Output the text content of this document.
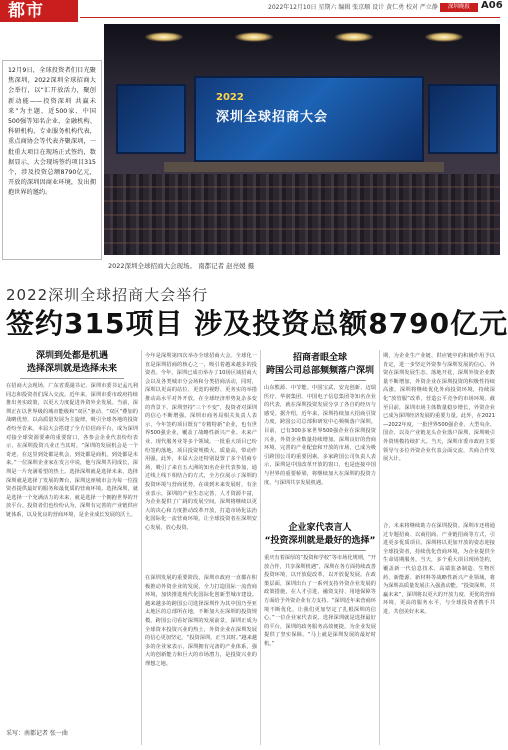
都市	2022年12月10日 星期六 编辑 张京顺 设计 黄仁勇 校对 严立静	深圳晚报	A06
2022
深圳全球招商大会
12月9日，全球投资者们目光聚焦深圳，2022深圳全球招商大会举行，以“汇开放活力，聚创新动能——投资深圳 共赢未来”为主题，近500家、中国500强等知名企业、金融机构、科研机构、专业服务机构代表，重点商协会等代表齐聚深圳，一批重大项目在现场正式签约，数据显示，大会现场签约项目315个，涉及投资总额8790亿元，开放的深圳因商业环境，发出拥抱世界的邀约。
2022深圳全球招商大会现场。 南都记者 赵亮媛 摄
2022深圳全球招商大会举行
签约315项目 涉及投资总额8790亿元
深圳到处都是机遇
选择深圳就是选择未来
在招商大会现场，广东省委副书记、深圳市委书记孟凡利同志和投资者们深入交流。近年来，深圳市委市政府持续推出务实政策，以更大力度促进外资外企发展。当前，深圳正在以世界级的城市能级和“双区”驱动、“双区”叠加的战略优势，以高质量发展为主旋律，吸引全球各地的投资者纷至沓来。本届大会搭建了全方位招商平台，成为深圳对接全球资源要素的重要窗口，各参会企业代表纷纷表示，在深圳投资兴业正当其时。“深圳的发展机会是一个奇迹，在这里到处都是机会，到处都是商机，到处都是未来。”一位深圳企业家在发言中说，他与深圳共同成长，深圳是一片充满希望的热土。选择深圳就是选择未来，选择深圳就是选择了发展的舞台，深圳这座城市会为每一位投资者提供最好的服务和最优质的营商环境。选择深圳，就是选择一个充满活力的未来，就是选择一个拥抱世界的开放平台。投资者们也纷纷认为，深圳有完善的产业链供应链体系，以及优良的营商环境，是企业成长发展的沃土。
采写：南都记者 张一曲
今年是深圳第四次举办全球招商大会。全球化一直是深圳招商的核心之一，吸引着越来越多的投资者。今年，深圳已成功举办了10场区域招商大会以及各类城市分会场和分类招商活动，同时，深圳以更高的站位、更宽的视野、更务实的举措推动高水平对外开放。在全球经济形势复杂多变的背景下，深圳坚持“三个不变”，投资者对深圳的信心不断增强。深圳市商务局相关负责人表示，今年签约项目既有“专精特新”企业，也有世界500强企业，覆盖了战略性新兴产业、未来产业、现代服务业等多个领域。一批重大项目已纷纷签约落地，项目投资规模大、质量高，带动作用强。此外，本届大会还特别设置了多个招商专场，吸引了来自五大洲的知名企业代表参加，通过线上线下相结合的方式，全方位展示了深圳的投资环境与营商优势。在谈到未来发展时，有企业表示，深圳的产业生态完善、人才资源丰富，为企业提供了广阔的发展空间。深圳将继续以更大的决心和力度推动改革开放，打造市场化法治化国际化一流营商环境，让全球投资者在深圳安心发展、放心投资。
在深圳发展的重要阶段，深圳市政府一直都在积极推动外资企业的发展，全力打造国际一流营商环境，加快推进现代化国际化创新型城市建设。越来越多的跨国公司选择深圳作为其中国乃至亚太地区的总部所在地，不断加大在深圳的投资规模。跨国公司看好深圳的发展前景，深圳正成为全球资本投资兴业的热土，外资企业在深圳发展的信心更加坚定。“投资深圳，正当其时。”越来越多的企业家表示，深圳拥有完备的产业体系，强大的创新能力和巨大的市场潜力，是投资兴业的理想之地。
招商者眼全球
跨国公司总部频频落户深圳
山东熊源、中节能、中国宝武、安克创新、迈瑞医疗、华润集团、中国电子信息集团等知名企业的代表，就在深圳投资发展分享了各自的经历与感受。据介绍，近年来，深圳持续加大招商引资力度，跨国公司总部和研发中心频频落户深圳。目前，已有300多家世界500强企业在深圳投资兴业，外资企业数量持续增加。深圳良好的营商环境、完善的产业配套和开放的市场，已成为吸引跨国公司的重要因素。多家跨国公司负责人表示，深圳是中国改革开放的窗口，也是连接中国与世界的重要桥梁，将继续加大在深圳的投资力度，与深圳共享发展机遇。
期，为企业生产业链、供应链中的积极作用予以肯定，进一步坚定外资参与深圳发展的信心。外资在深圳发展生态、落地开花，深圳外资企业数量不断增加，外资企业在深圳投资的积极性持续高涨。深圳将继续优化外商投资环境，持续深化“放管服”改革，营造公平竞争的市场环境。截至目前，深圳市场主体数量稳步增长，外资企业已成为深圳经济发展的重要力量。此外，在2021—2022年度，一批世界500强企业、大型央企、国企、以及产业链龙头企业落户深圳，深圳吸引外资规模持续扩大。当天，深圳市委市政府主要领导与多位外资企业代表会面交流，共商合作发展大计。
企业家代表言人
“投资深圳就是最好的选择”
重庆有着深厚的“投资和学校”等市场化规则，“开放合作，共享深圳机遇”，深圳在各方面持续改善投资环境，以开放促改革，以开放促发展。在政策层面，深圳出台了一系列支持外资企业发展的政策措施，在人才引进、融资支持、用地保障等方面给予外资企业有力支持。“深圳近年来营商环境不断优化，让我们更加坚定了扎根深圳的信心。”一位企业家代表说，选择深圳就是选择最好的平台，深圳的政务服务高效便捷，为企业发展提供了坚实保障。“马上就是深圳发展的最好时机。”
合，未来将继续助力在深圳投资。深圳市还将通过专题招商、以商招商、产业链招商等方式，引进更多优质项目。深圳将以更加开放的姿态迎接全球投资者，持续优化营商环境，为企业提供全生命周期服务。当天，多个重大项目现场签约，覆盖新一代信息技术、高端装备制造、生物医药、新能源、新材料等战略性新兴产业领域，将为深圳高质量发展注入强劲动能。“投资深圳，共赢未来”，深圳将以更大的开放力度、更优的营商环境、更高的服务水平，与全球投资者携手共进，共创美好未来。
